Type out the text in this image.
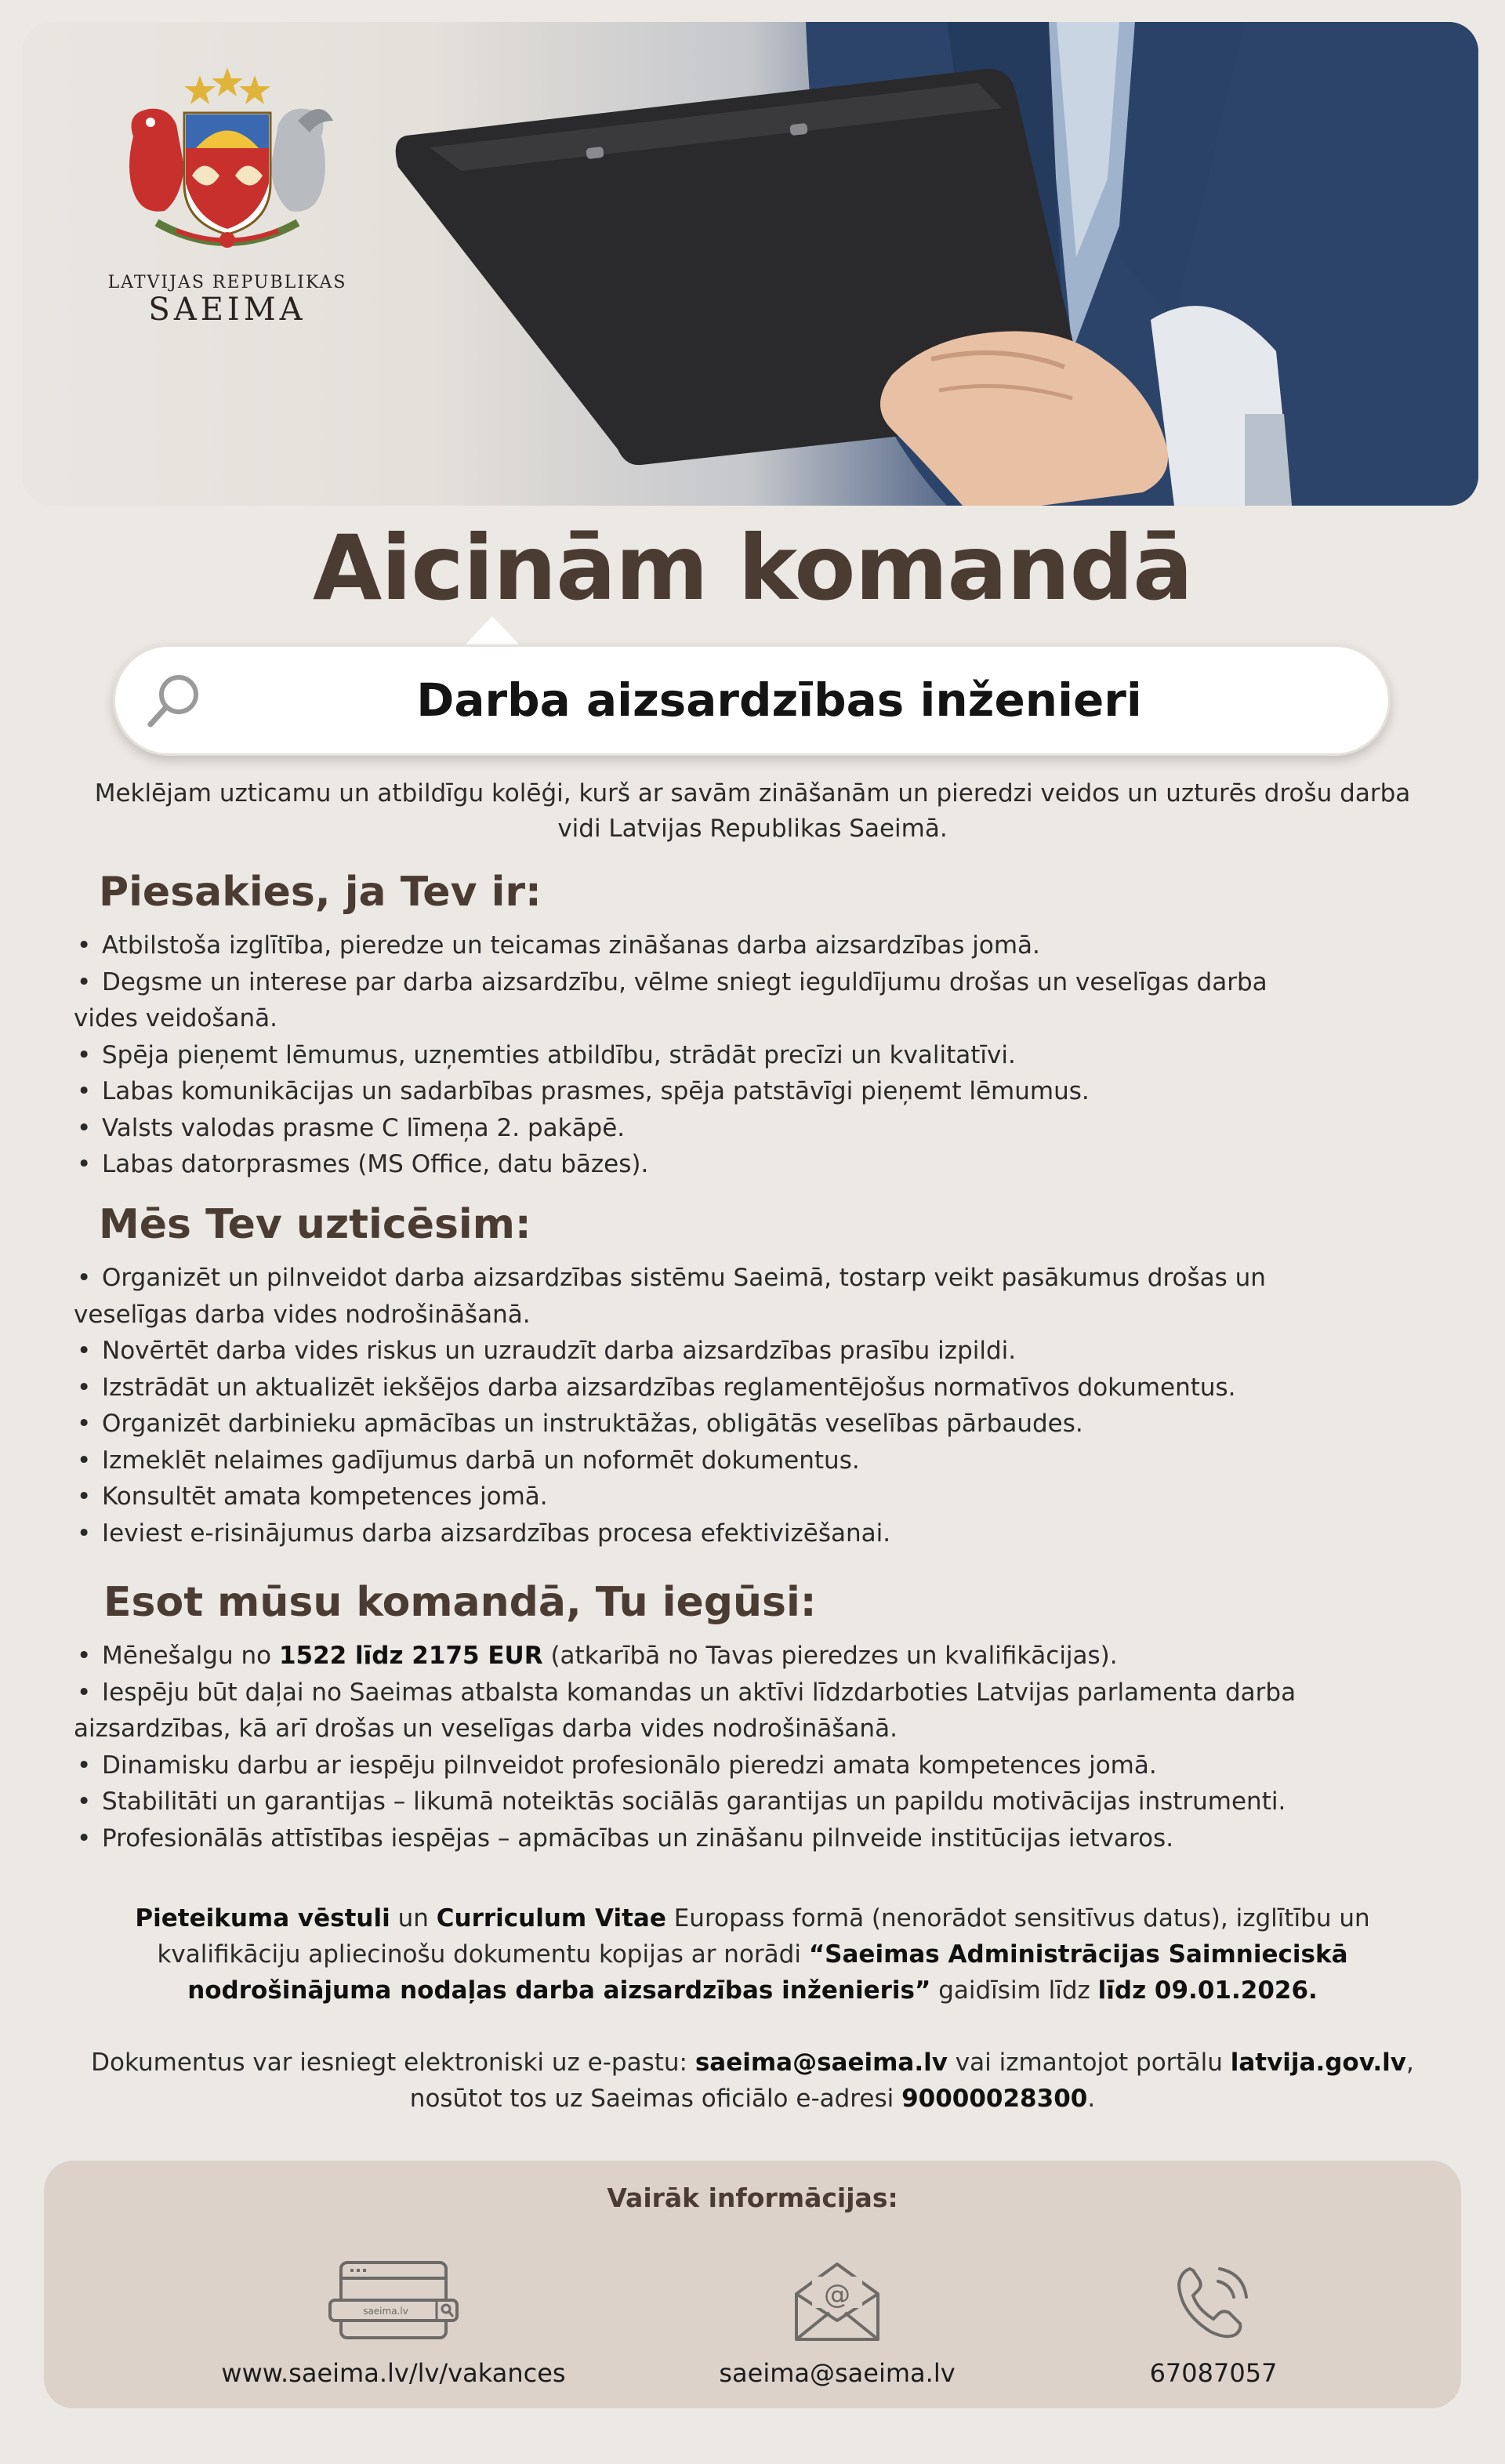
LATVIJAS REPUBLIKAS
SAEIMA
Aicinām komandā
Darba aizsardzības inženieri
Meklējam uzticamu un atbildīgu kolēģi, kurš ar savām zināšanām un pieredzi veidos un uzturēs drošu darba vidi Latvijas Republikas Saeimā.
Piesakies, ja Tev ir:
• Atbilstoša izglītība, pieredze un teicamas zināšanas darba aizsardzības jomā.
• Degsme un interese par darba aizsardzību, vēlme sniegt ieguldījumu drošas un veselīgas darba
vides veidošanā.
• Spēja pieņemt lēmumus, uzņemties atbildību, strādāt precīzi un kvalitatīvi.
• Labas komunikācijas un sadarbības prasmes, spēja patstāvīgi pieņemt lēmumus.
• Valsts valodas prasme C līmeņa 2. pakāpē.
• Labas datorprasmes (MS Office, datu bāzes).
Mēs Tev uzticēsim:
• Organizēt un pilnveidot darba aizsardzības sistēmu Saeimā, tostarp veikt pasākumus drošas un
veselīgas darba vides nodrošināšanā.
• Novērtēt darba vides riskus un uzraudzīt darba aizsardzības prasību izpildi.
• Izstrādāt un aktualizēt iekšējos darba aizsardzības reglamentējošus normatīvos dokumentus.
• Organizēt darbinieku apmācības un instruktāžas, obligātās veselības pārbaudes.
• Izmeklēt nelaimes gadījumus darbā un noformēt dokumentus.
• Konsultēt amata kompetences jomā.
• Ieviest e-risinājumus darba aizsardzības procesa efektivizēšanai.
Esot mūsu komandā, Tu iegūsi:
• Mēnešalgu no 1522 līdz 2175 EUR (atkarībā no Tavas pieredzes un kvalifikācijas).
• Iespēju būt daļai no Saeimas atbalsta komandas un aktīvi līdzdarboties Latvijas parlamenta darba
aizsardzības, kā arī drošas un veselīgas darba vides nodrošināšanā.
• Dinamisku darbu ar iespēju pilnveidot profesionālo pieredzi amata kompetences jomā.
• Stabilitāti un garantijas – likumā noteiktās sociālās garantijas un papildu motivācijas instrumenti.
• Profesionālās attīstības iespējas – apmācības un zināšanu pilnveide institūcijas ietvaros.
Pieteikuma vēstuli un Curriculum Vitae Europass formā (nenorādot sensitīvus datus), izglītību un kvalifikāciju apliecinošu dokumentu kopijas ar norādi “Saeimas Administrācijas Saimnieciskā nodrošinājuma nodaļas darba aizsardzības inženieris” gaidīsim līdz līdz 09.01.2026.
Dokumentus var iesniegt elektroniski uz e-pastu: saeima@saeima.lv vai izmantojot portālu latvija.gov.lv, nosūtot tos uz Saeimas oficiālo e-adresi 90000028300.
Vairāk informācijas:
saeima.lv
www.saeima.lv/lv/vakances
@
saeima@saeima.lv	67087057
